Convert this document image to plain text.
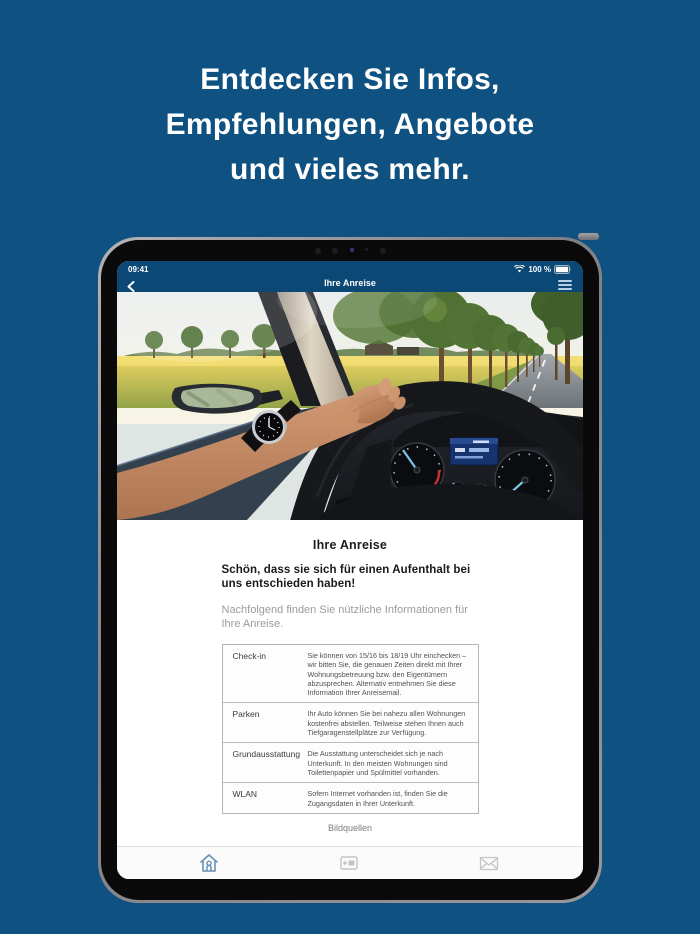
Entdecken Sie Infos,
Empfehlungen, Angebote
und vieles mehr.
09:41	100 %
Ihre Anreise
Ihre Anreise
Schön, dass sie sich für einen Aufenthalt bei uns entschieden haben!
Nachfolgend finden Sie nützliche Informationen für Ihre Anreise.
Check-in	Sie können von 15/16 bis 18/19 Uhr einchecken – wir bitten Sie, die genauen Zeiten direkt mit Ihrer Wohnungsbetreuung bzw. den Eigentümern abzusprechen. Alternativ entnehmen Sie diese Information Ihrer Anreisemail.
Parken	Ihr Auto können Sie bei nahezu allen Wohnungen kostenfrei abstellen. Teilweise stehen Ihnen auch Tiefgaragenstellplätze zur Verfügung.
Grundausstattung	Die Ausstattung unterscheidet sich je nach Unterkunft. In den meisten Wohnungen sind Toilettenpapier und Spülmittel vorhanden.
WLAN	Sofern Internet vorhanden ist, finden Sie die Zugangsdaten in Ihrer Unterkunft.
Bildquellen
